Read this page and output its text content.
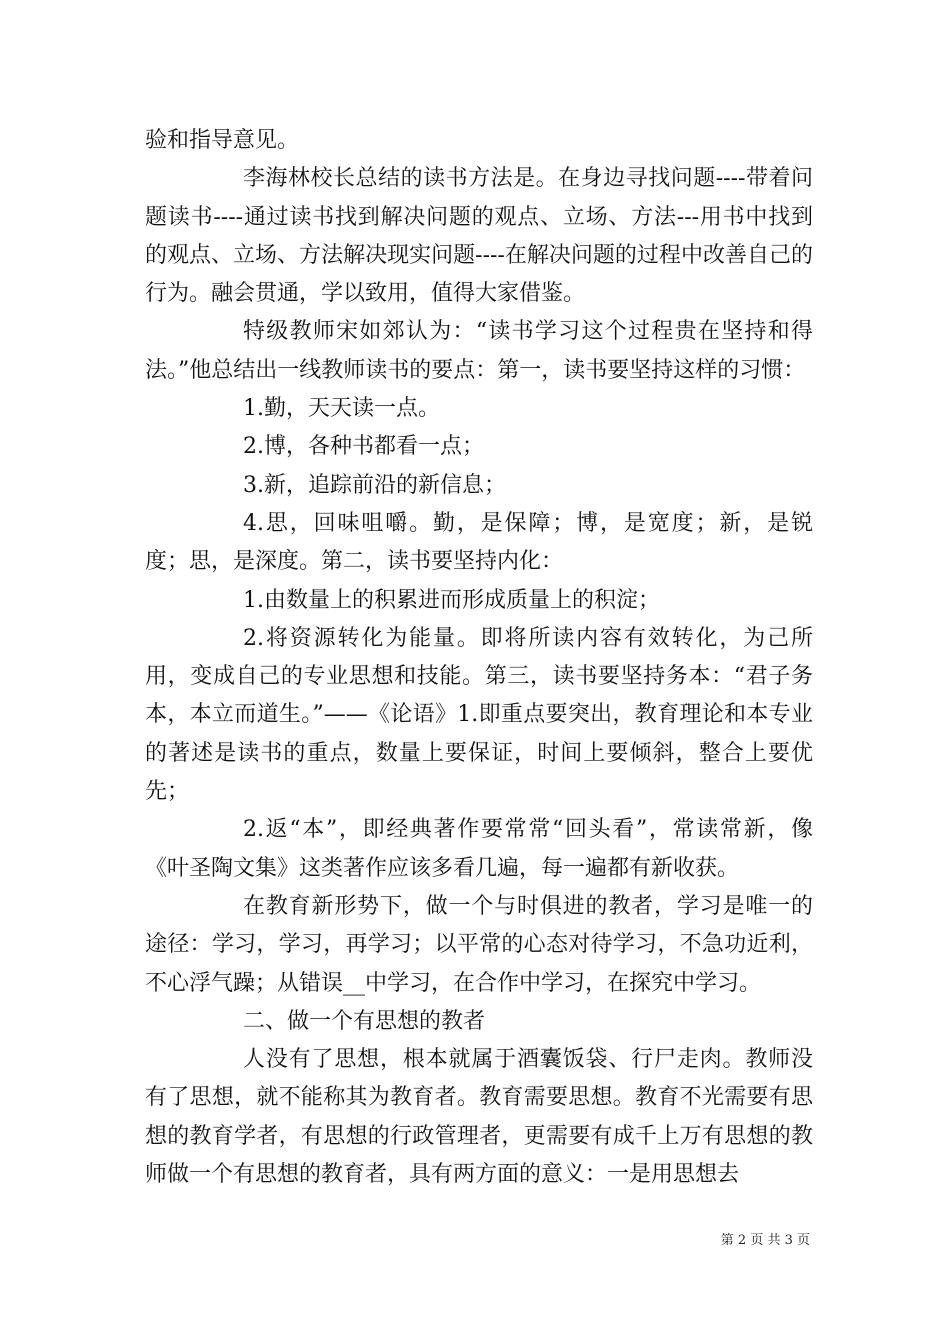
验和指导意见。

李海林校长总结的读书方法是。在身边寻找问题----带着问题读书----通过读书找到解决问题的观点、立场、方法---用书中找到的观点、立场、方法解决现实问题----在解决问题的过程中改善自己的行为。融会贯通，学以致用，值得大家借鉴。

特级教师宋如郊认为：“读书学习这个过程贵在坚持和得法。”他总结出一线教师读书的要点：第一，读书要坚持这样的习惯：

1.勤，天天读一点。

2.博，各种书都看一点；

3.新，追踪前沿的新信息；

4.思，回味咀嚼。勤，是保障；博，是宽度；新，是锐度；思，是深度。第二，读书要坚持内化：

1.由数量上的积累进而形成质量上的积淀；

2.将资源转化为能量。即将所读内容有效转化，为己所用，变成自己的专业思想和技能。第三，读书要坚持务本：“君子务本，本立而道生。”——《论语》1.即重点要突出，教育理论和本专业的著述是读书的重点，数量上要保证，时间上要倾斜，整合上要优先；

2.返“本”，即经典著作要常常“回头看”，常读常新，像《叶圣陶文集》这类著作应该多看几遍，每一遍都有新收获。

在教育新形势下，做一个与时俱进的教者，学习是唯一的途径：学习，学习，再学习；以平常的心态对待学习，不急功近利，不心浮气躁；从错误__中学习，在合作中学习，在探究中学习。

二、做一个有思想的教者

人没有了思想，根本就属于酒囊饭袋、行尸走肉。教师没有了思想，就不能称其为教育者。教育需要思想。教育不光需要有思想的教育学者，有思想的行政管理者，更需要有成千上万有思想的教师做一个有思想的教育者，具有两方面的意义：一是用思想去

第 2 页 共 3 页
